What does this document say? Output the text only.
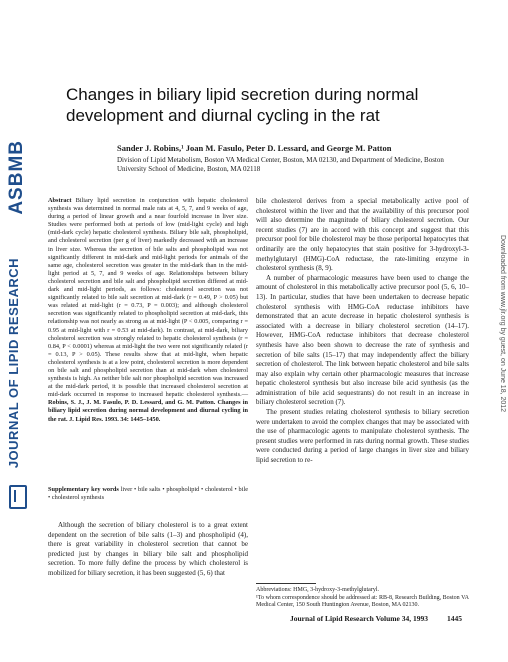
ASBMB
JOURNAL OF LIPID RESEARCH	Downloaded from www.jlr.org by guest, on June 18, 2012
Changes in biliary lipid secretion during normal development and diurnal cycling in the rat
Sander J. Robins,¹ Joan M. Fasulo, Peter D. Lessard, and George M. Patton
Division of Lipid Metabolism, Boston VA Medical Center, Boston, MA 02130, and Department of Medicine, Boston University School of Medicine, Boston, MA 02118
Abstract Biliary lipid secretion in conjunction with hepatic cholesterol synthesis was determined in normal male rats at 4, 5, 7, and 9 weeks of age, during a period of linear growth and a near fourfold increase in liver size. Studies were performed both at periods of low (mid-light cycle) and high (mid-dark cycle) hepatic cholesterol synthesis. Biliary bile salt, phospholipid, and cholesterol secretion (per g of liver) markedly decreased with an increase in liver size. Whereas the secretion of bile salts and phospholipid was not significantly different in mid-dark and mid-light periods for animals of the same age, cholesterol secretion was greater in the mid-dark than in the mid-light period at 5, 7, and 9 weeks of age. Relationships between biliary cholesterol secretion and bile salt and phospholipid secretion differed at mid-dark and mid-light periods, as follows: cholesterol secretion was not significantly related to bile salt secretion at mid-dark (r = 0.49, P > 0.05) but was related at mid-light (r = 0.73, P = 0.003); and although cholesterol secretion was significantly related to phospholipid secretion at mid-dark, this relationship was not nearly as strong as at mid-light (P < 0.005, comparing r = 0.95 at mid-light with r = 0.53 at mid-dark). In contrast, at mid-dark, biliary cholesterol secretion was strongly related to hepatic cholesterol synthesis (r = 0.84, P < 0.0001) whereas at mid-light the two were not significantly related (r = 0.13, P > 0.05). These results show that at mid-light, when hepatic cholesterol synthesis is at a low point, cholesterol secretion is more dependent on bile salt and phospholipid secretion than at mid-dark when cholesterol synthesis is high. As neither bile salt nor phospholipid secretion was increased at the mid-dark period, it is possible that increased cholesterol secretion at mid-dark occurred in response to increased hepatic cholesterol synthesis.— Robins, S. J., J. M. Fasulo, P. D. Lessard, and G. M. Patton. Changes in biliary lipid secretion during normal development and diurnal cycling in the rat. J. Lipid Res. 1993. 34: 1445–1450.
Supplementary key words liver • bile salts • phospholipid • cholesterol • bile • cholesterol synthesis

Although the secretion of biliary cholesterol is to a great extent dependent on the secretion of bile salts (1–3) and phospholipid (4), there is great variability in cholesterol secretion that cannot be predicted just by changes in biliary bile salt and phospholipid secretion. To more fully define the process by which cholesterol is mobilized for biliary secretion, it has been suggested (5, 6) that

bile cholesterol derives from a special metabolically active pool of cholesterol within the liver and that the availability of this precursor pool will also determine the magnitude of biliary cholesterol secretion. Our recent studies (7) are in accord with this concept and suggest that this precursor pool for bile cholesterol may be those periportal hepatocytes that ordinarily are the only hepatocytes that stain positive for 3-hydroxyl-3-methylglutaryl (HMG)-CoA reductase, the rate-limiting enzyme in cholesterol synthesis (8, 9).

A number of pharmacologic measures have been used to change the amount of cholesterol in this metabolically active precursor pool (5, 6, 10–13). In particular, studies that have been undertaken to decrease hepatic cholesterol synthesis with HMG-CoA reductase inhibitors have demonstrated that an acute decrease in hepatic cholesterol synthesis is associated with a decrease in biliary cholesterol secretion (14–17). However, HMG-CoA reductase inhibitors that decrease cholesterol synthesis have also been shown to decrease the rate of synthesis and secretion of bile salts (15–17) that may independently affect the biliary secretion of cholesterol. The link between hepatic cholesterol and bile salts may also explain why certain other pharmacologic measures that increase hepatic cholesterol synthesis but also increase bile acid synthesis (as the administration of bile acid sequestrants) do not result in an increase in biliary cholesterol secretion (7).

The present studies relating cholesterol synthesis to biliary secretion were undertaken to avoid the complex changes that may be associated with the use of pharmacologic agents to manipulate cholesterol synthesis. The present studies were performed in rats during normal growth. These studies were conducted during a period of large changes in liver size and biliary lipid secretion to re-

Abbreviations: HMG, 3-hydroxy-3-methylglutaryl.

¹To whom correspondence should be addressed at: RB-8, Research Building, Boston VA Medical Center, 150 South Huntington Avenue, Boston, MA 02130.

Journal of Lipid Research Volume 34, 1993	1445
